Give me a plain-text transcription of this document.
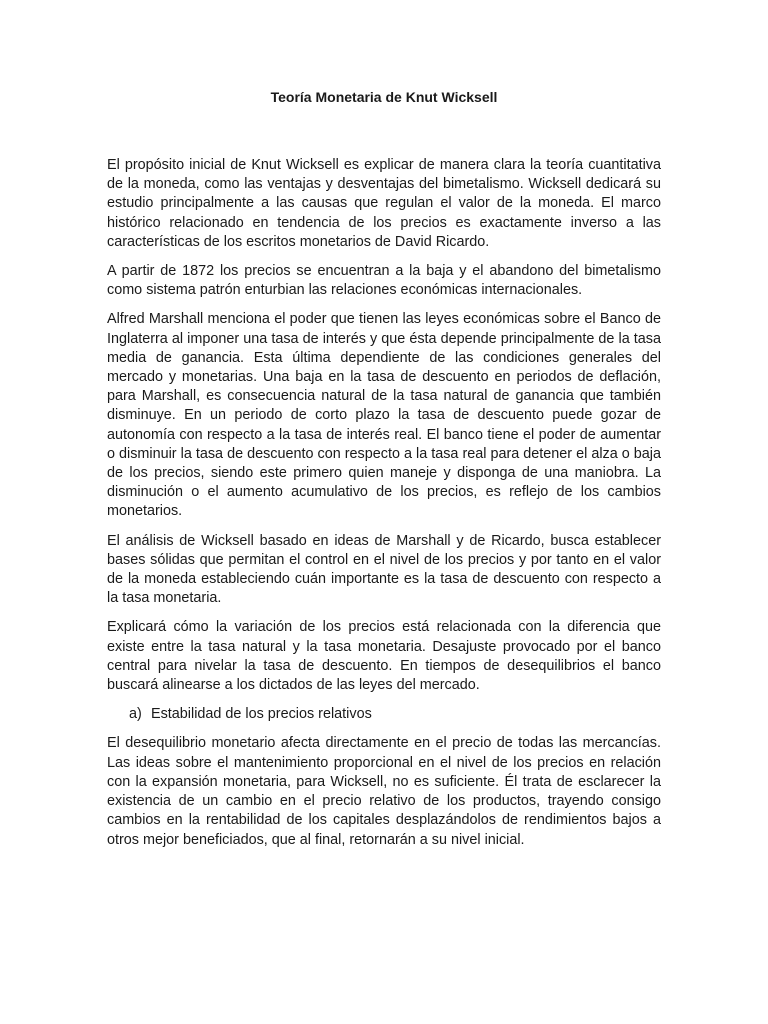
Teoría Monetaria de Knut Wicksell

El propósito inicial de Knut Wicksell es explicar de manera clara la teoría cuantitativa de la moneda, como las ventajas y desventajas del bimetalismo. Wicksell dedicará su estudio principalmente a las causas que regulan el valor de la moneda. El marco histórico relacionado en tendencia de los precios es exactamente inverso a las características de los escritos monetarios de David Ricardo.

A partir de 1872 los precios se encuentran a la baja y el abandono del bimetalismo como sistema patrón enturbian las relaciones económicas internacionales.

Alfred Marshall menciona el poder que tienen las leyes económicas sobre el Banco de Inglaterra al imponer una tasa de interés y que ésta depende principalmente de la tasa media de ganancia. Esta última dependiente de las condiciones generales del mercado y monetarias. Una baja en la tasa de descuento en periodos de deflación, para Marshall, es consecuencia natural de la tasa natural de ganancia que también disminuye. En un periodo de corto plazo la tasa de descuento puede gozar de autonomía con respecto a la tasa de interés real. El banco tiene el poder de aumentar o disminuir la tasa de descuento con respecto a la tasa real para detener el alza o baja de los precios, siendo este primero quien maneje y disponga de una maniobra. La disminución o el aumento acumulativo de los precios, es reflejo de los cambios monetarios.

El análisis de Wicksell basado en ideas de Marshall y de Ricardo, busca establecer bases sólidas que permitan el control en el nivel de los precios y por tanto en el valor de la moneda estableciendo cuán importante es la tasa de descuento con respecto a la tasa monetaria.

Explicará cómo la variación de los precios está relacionada con la diferencia que existe entre la tasa natural y la tasa monetaria. Desajuste provocado por el banco central para nivelar la tasa de descuento. En tiempos de desequilibrios el banco buscará alinearse a los dictados de las leyes del mercado.

a) Estabilidad de los precios relativos

El desequilibrio monetario afecta directamente en el precio de todas las mercancías. Las ideas sobre el mantenimiento proporcional en el nivel de los precios en relación con la expansión monetaria, para Wicksell, no es suficiente. Él trata de esclarecer la existencia de un cambio en el precio relativo de los productos, trayendo consigo cambios en la rentabilidad de los capitales desplazándolos de rendimientos bajos a otros mejor beneficiados, que al final, retornarán a su nivel inicial.
